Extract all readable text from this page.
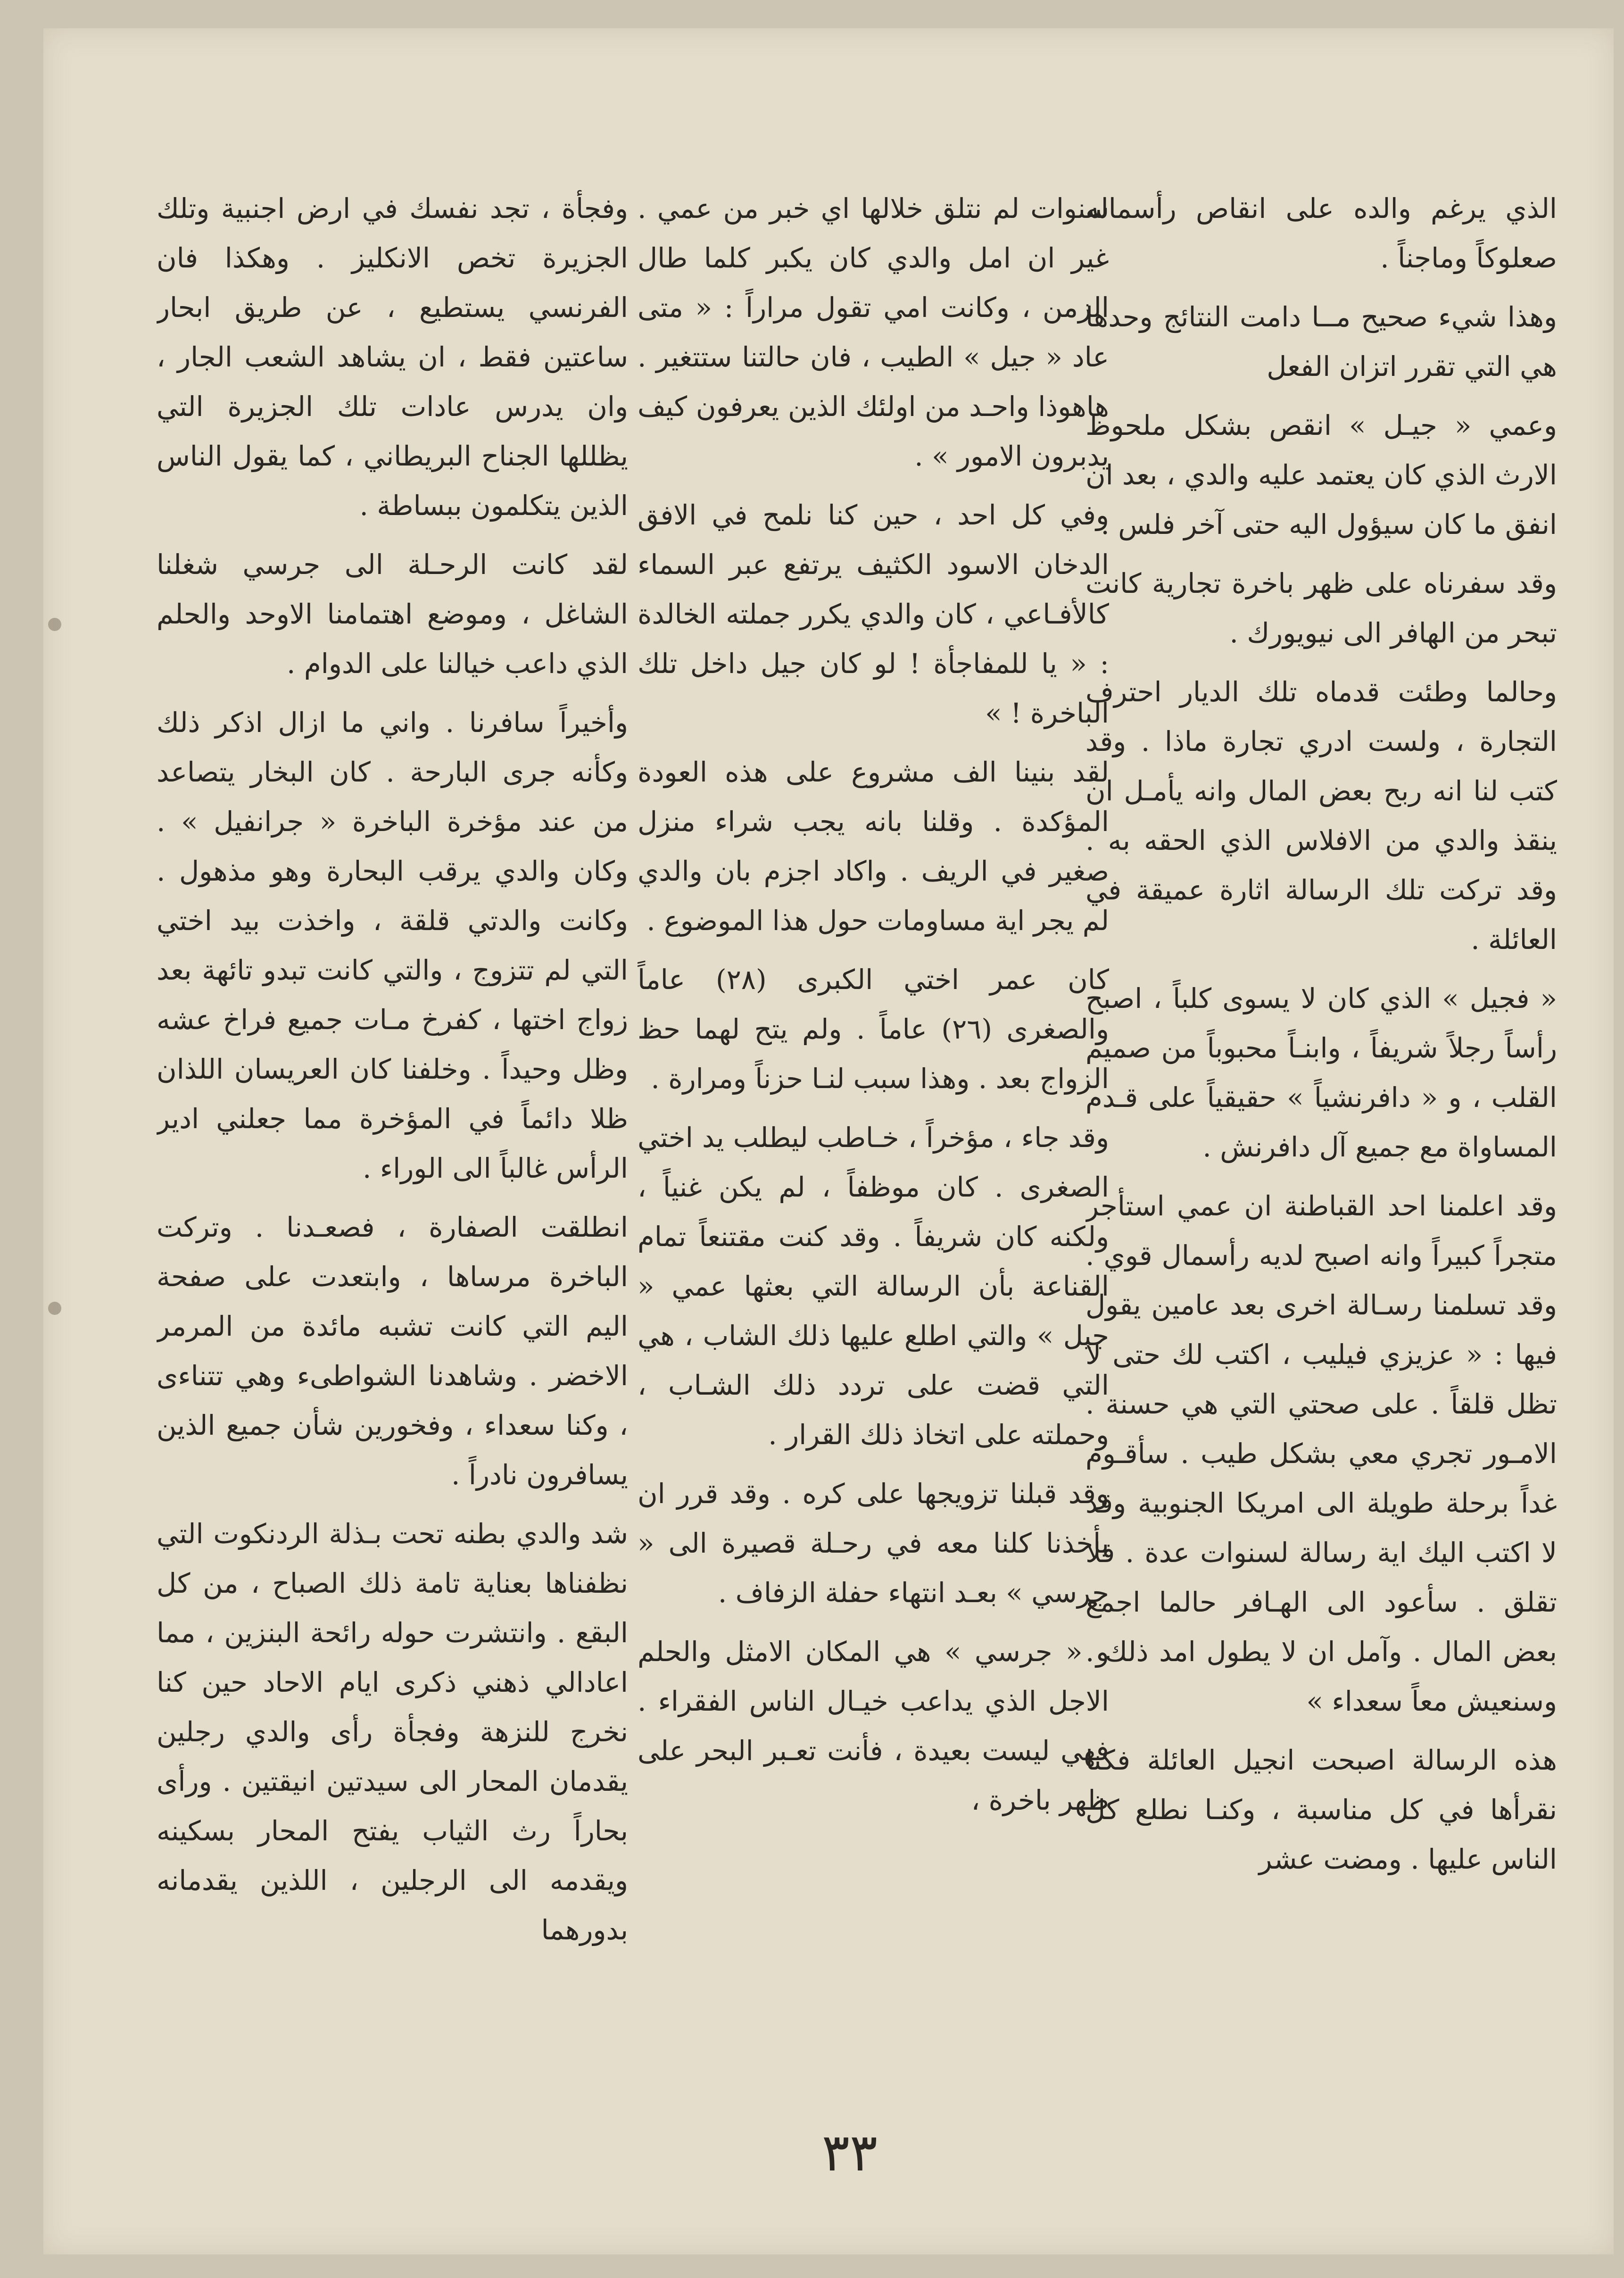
الذي يرغم والده على انقاص رأسماله صعلوكاً وماجناً .

وهذا شيء صحيح مــا دامت النتائج وحدها هي التي تقرر اتزان الفعل

وعمي « جيـل » انقص بشكل ملحوظ الارث الذي كان يعتمد عليه والدي ، بعد ان انفق ما كان سيؤول اليه حتى آخر فلس .

وقد سفرناه على ظهر باخرة تجارية كانت تبحر من الهافر الى نيويورك .

وحالما وطئت قدماه تلك الديار احترف التجارة ، ولست ادري تجارة ماذا . وقد كتب لنا انه ربح بعض المال وانه يأمـل ان ينقذ والدي من الافلاس الذي الحقه به . وقد تركت تلك الرسالة اثارة عميقة في العائلة .

« فجيل » الذي كان لا يسوى كلباً ، اصبح رأساً رجلاً شريفاً ، وابنـاً محبوباً من صميم القلب ، و « دافرنشياً » حقيقياً على قـدم المساواة مع جميع آل دافرنش .

وقد اعلمنا احد القباطنة ان عمي استأجر متجراً كبيراً وانه اصبح لديه رأسمال قوي . وقد تسلمنا رسـالة اخرى بعد عامين يقول فيها : « عزيزي فيليب ، اكتب لك حتى لا تظل قلقاً . على صحتي التي هي حسنة . الامـور تجري معي بشكل طيب . سأقـوم غداً برحلة طويلة الى امريكا الجنوبية وقد لا اكتب اليك اية رسالة لسنوات عدة . فلا تقلق . سأعود الى الهـافر حالما اجمع بعض المال . وآمل ان لا يطول امد ذلك . وسنعيش معاً سعداء »

هذه الرسالة اصبحت انجيل العائلة فكنا نقرأها في كل مناسبة ، وكنـا نطلع كل الناس عليها . ومضت عشر

سنوات لم نتلق خلالها اي خبر من عمي . غير ان امل والدي كان يكبر كلما طال الزمن ، وكانت امي تقول مراراً : « متى عاد « جيل » الطيب ، فان حالتنا ستتغير . هاهوذا واحـد من اولئك الذين يعرفون كيف يدبرون الامور » .

وفي كل احد ، حين كنا نلمح في الافق الدخان الاسود الكثيف يرتفع عبر السماء كالأفـاعي ، كان والدي يكرر جملته الخالدة : « يا للمفاجأة ! لو كان جيل داخل تلك الباخرة ! »

لقد بنينا الف مشروع على هذه العودة المؤكدة . وقلنا بانه يجب شراء منزل صغير في الريف . واكاد اجزم بان والدي لم يجر اية مساومات حول هذا الموضوع .

كان عمر اختي الكبرى (٢٨) عاماً والصغرى (٢٦) عاماً . ولم يتح لهما حظ الزواج بعد . وهذا سبب لنـا حزناً ومرارة .

وقد جاء ، مؤخراً ، خـاطب ليطلب يد اختي الصغرى . كان موظفاً ، لم يكن غنياً ، ولكنه كان شريفاً . وقد كنت مقتنعاً تمام القناعة بأن الرسالة التي بعثها عمي « جيل » والتي اطلع عليها ذلك الشاب ، هي التي قضت على تردد ذلك الشـاب ، وحملته على اتخاذ ذلك القرار .

وقد قبلنا تزويجها على كره . وقد قرر ان يأخذنا كلنا معه في رحـلة قصيرة الى « جرسي » بعـد انتهاء حفلة الزفاف .

و « جرسي » هي المكان الامثل والحلم الاجل الذي يداعب خيـال الناس الفقراء . فهي ليست بعيدة ، فأنت تعـبر البحر على ظهر باخرة ،

وفجأة ، تجد نفسك في ارض اجنبية وتلك الجزيرة تخص الانكليز . وهكذا فان الفرنسي يستطيع ، عن طريق ابحار ساعتين فقط ، ان يشاهد الشعب الجار ، وان يدرس عادات تلك الجزيرة التي يظللها الجناح البريطاني ، كما يقول الناس الذين يتكلمون ببساطة .

لقد كانت الرحـلة الى جرسي شغلنا الشاغل ، وموضع اهتمامنا الاوحد والحلم الذي داعب خيالنا على الدوام .

وأخيراً سافرنا . واني ما ازال اذكر ذلك وكأنه جرى البارحة . كان البخار يتصاعد من عند مؤخرة الباخرة « جرانفيل » . وكان والدي يرقب البحارة وهو مذهول . وكانت والدتي قلقة ، واخذت بيد اختي التي لم تتزوج ، والتي كانت تبدو تائهة بعد زواج اختها ، كفرخ مـات جميع فراخ عشه وظل وحيداً . وخلفنا كان العريسان اللذان ظلا دائماً في المؤخرة مما جعلني ادير الرأس غالباً الى الوراء .

انطلقت الصفارة ، فصعـدنا . وتركت الباخرة مرساها ، وابتعدت على صفحة اليم التي كانت تشبه مائدة من المرمر الاخضر . وشاهدنا الشواطىء وهي تتناءى ، وكنا سعداء ، وفخورين شأن جميع الذين يسافرون نادراً .

شد والدي بطنه تحت بـذلة الردنكوت التي نظفناها بعناية تامة ذلك الصباح ، من كل البقع . وانتشرت حوله رائحة البنزين ، مما اعادالي ذهني ذكرى ايام الاحاد حين كنا نخرج للنزهة وفجأة رأى والدي رجلين يقدمان المحار الى سيدتين انيقتين . ورأى بحاراً رث الثياب يفتح المحار بسكينه ويقدمه الى الرجلين ، اللذين يقدمانه بدورهما

٣٣
